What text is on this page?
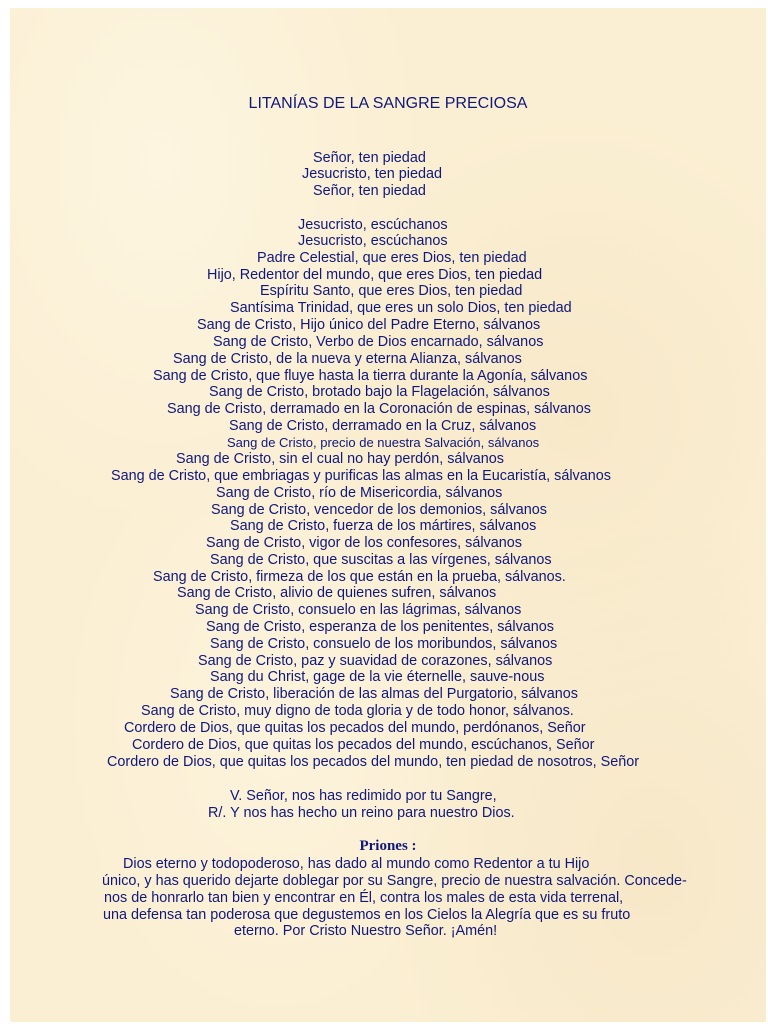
LITANÍAS DE LA SANGRE PRECIOSA
Señor, ten piedad
Jesucristo, ten piedad
Señor, ten piedad
Jesucristo, escúchanos
Jesucristo, escúchanos
Padre Celestial, que eres Dios, ten piedad
Hijo, Redentor del mundo, que eres Dios, ten piedad
Espíritu Santo, que eres Dios, ten piedad
Santísima Trinidad, que eres un solo Dios, ten piedad
Sang de Cristo, Hijo único del Padre Eterno, sálvanos
Sang de Cristo, Verbo de Dios encarnado, sálvanos
Sang de Cristo, de la nueva y eterna Alianza, sálvanos
Sang de Cristo, que fluye hasta la tierra durante la Agonía, sálvanos
Sang de Cristo, brotado bajo la Flagelación, sálvanos
Sang de Cristo, derramado en la Coronación de espinas, sálvanos
Sang de Cristo, derramado en la Cruz, sálvanos
Sang de Cristo, precio de nuestra Salvación, sálvanos
Sang de Cristo, sin el cual no hay perdón, sálvanos
Sang de Cristo, que embriagas y purificas las almas en la Eucaristía, sálvanos
Sang de Cristo, río de Misericordia, sálvanos
Sang de Cristo, vencedor de los demonios, sálvanos
Sang de Cristo, fuerza de los mártires, sálvanos
Sang de Cristo, vigor de los confesores, sálvanos
Sang de Cristo, que suscitas a las vírgenes, sálvanos
Sang de Cristo, firmeza de los que están en la prueba, sálvanos.
Sang de Cristo, alivio de quienes sufren, sálvanos
Sang de Cristo, consuelo en las lágrimas, sálvanos
Sang de Cristo, esperanza de los penitentes, sálvanos
Sang de Cristo, consuelo de los moribundos, sálvanos
Sang de Cristo, paz y suavidad de corazones, sálvanos
Sang du Christ, gage de la vie éternelle, sauve-nous
Sang de Cristo, liberación de las almas del Purgatorio, sálvanos
Sang de Cristo, muy digno de toda gloria y de todo honor, sálvanos.
Cordero de Dios, que quitas los pecados del mundo, perdónanos, Señor
Cordero de Dios, que quitas los pecados del mundo, escúchanos, Señor
Cordero de Dios, que quitas los pecados del mundo, ten piedad de nosotros, Señor
V. Señor, nos has redimido por tu Sangre,
R/. Y nos has hecho un reino para nuestro Dios.
Priones :
Dios eterno y todopoderoso, has dado al mundo como Redentor a tu Hijo
único, y has querido dejarte doblegar por su Sangre, precio de nuestra salvación. Concede-
nos de honrarlo tan bien y encontrar en Él, contra los males de esta vida terrenal,
una defensa tan poderosa que degustemos en los Cielos la Alegría que es su fruto
eterno. Por Cristo Nuestro Señor. ¡Amén!
